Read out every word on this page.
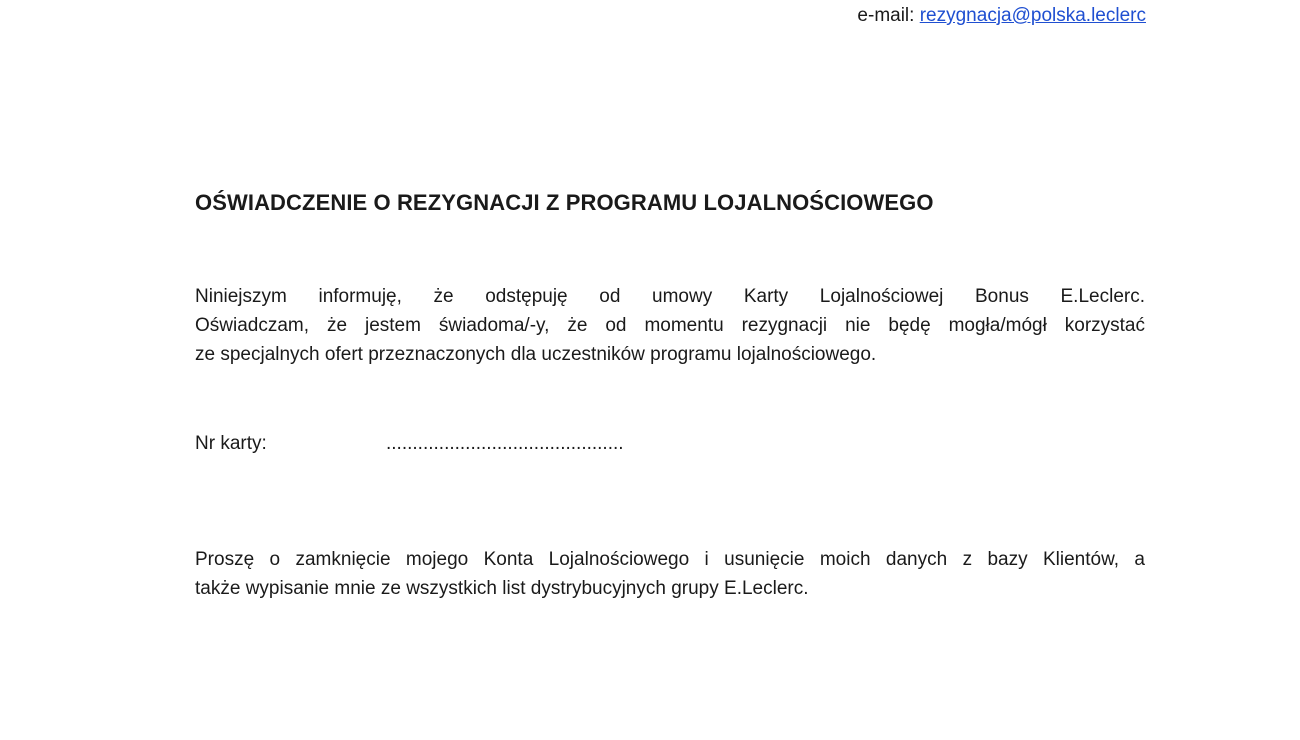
e-mail: rezygnacja@polska.leclerc
OŚWIADCZENIE O REZYGNACJI Z PROGRAMU LOJALNOŚCIOWEGO

Niniejszym informuję, że odstępuję od umowy Karty Lojalnościowej Bonus E.Leclerc.
Oświadczam, że jestem świadoma/-y, że od momentu rezygnacji nie będę mogła/mógł korzystać
ze specjalnych ofert przeznaczonych dla uczestników programu lojalnościowego.

Nr karty:	.............................................

Proszę o zamknięcie mojego Konta Lojalnościowego i usunięcie moich danych z bazy Klientów, a
także wypisanie mnie ze wszystkich list dystrybucyjnych grupy E.Leclerc.
